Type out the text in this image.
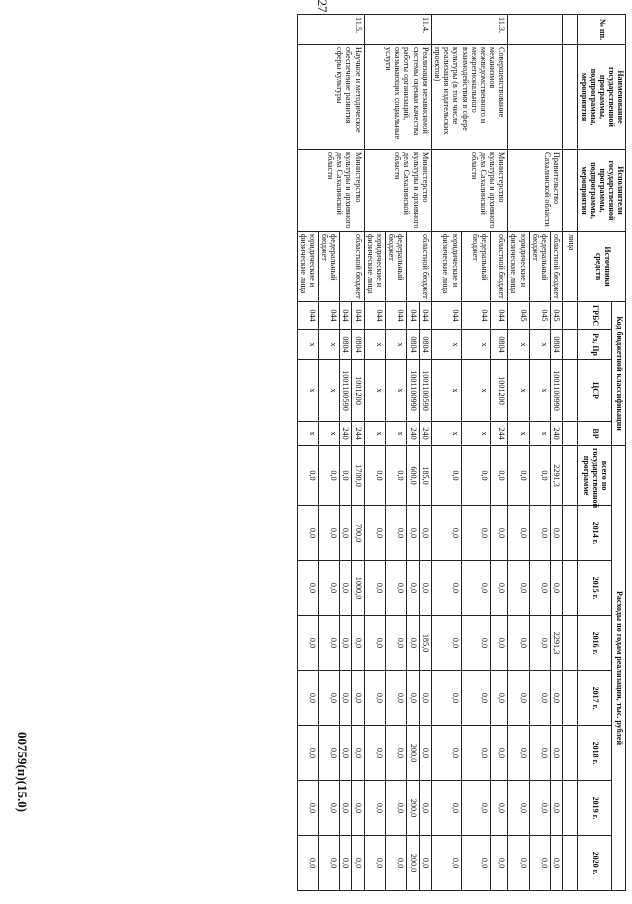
27
00759(п)(15.0)
№ пп.	Наименование государственной программы, подпрограммы, мероприятия	Исполнители государственной программы, подпрограммы, мероприятия	Источники средств	Код бюджетной классификации				Расходы по годам реализации, тыс. рублей							
				ГРБС	Рз, Пр	ЦСР	ВР	всего по государственной программе	2014 г.	2015 г.	2016 г.	2017 г.	2018 г.	2019 г.	2020 г.
			лица												
		Правительство Сахалинской области	областной бюджет	045	0804	1001100990	240	2291,3	0,0	0,0	2291,3	0,0	0,0	0,0	0,0
			федеральный бюджет	045	x	x	x	0,0	0,0	0,0	0,0	0,0	0,0	0,0	0,0
			юридические и физические лица	045	x	x	x	0,0	0,0	0,0	0,0	0,0	0,0	0,0	0,0
11.3.	Совершенствование механизмов межведомственного и межрегионального взаимодействия в сфере культуры (в том числе реализация издательских проектов)	Министерство культуры и архивного дела Сахалинской области	областной бюджет	044	0804	1001200	244	0,0	0,0	0,0	0,0	0,0	0,0	0,0	0,0
			федеральный бюджет	044	x	x	x	0,0	0,0	0,0	0,0	0,0	0,0	0,0	0,0
			юридические и физические лица	044	x	x	x	0,0	0,0	0,0	0,0	0,0	0,0	0,0	0,0
11.4.	Реализация независимой системы оценки качества работы организаций, оказывающих социальные услуги	Министерство культуры и архивного дела Сахалинской области	областной бюджет	044	0804	1001100590	240	185,0	0,0	0,0	185,0	0,0	0,0	0,0	0,0
				044	0804	1001100990	240	600,0	0,0	0,0	0,0	0,0	200,0	200,0	200,0
			федеральный бюджет	044	x	x	x	0,0	0,0	0,0	0,0	0,0	0,0	0,0	0,0
			юридические и физические лица	044	x	x	x	0,0	0,0	0,0	0,0	0,0	0,0	0,0	0,0
11.5.	Научное и методическое обеспечение развития сферы культуры	Министерство культуры и архивного дела Сахалинской области	областной бюджет	044	0804	1001200	244	1700,0	700,0	1000,0	0,0	0,0	0,0	0,0	0,0
				044	0804	1001100590	240	0,0	0,0	0,0	0,0	0,0	0,0	0,0	0,0
			федеральный бюджет	044	x	x	x	0,0	0,0	0,0	0,0	0,0	0,0	0,0	0,0
			юридические и физические лица	044	x	x	x	0,0	0,0	0,0	0,0	0,0	0,0	0,0	0,0
